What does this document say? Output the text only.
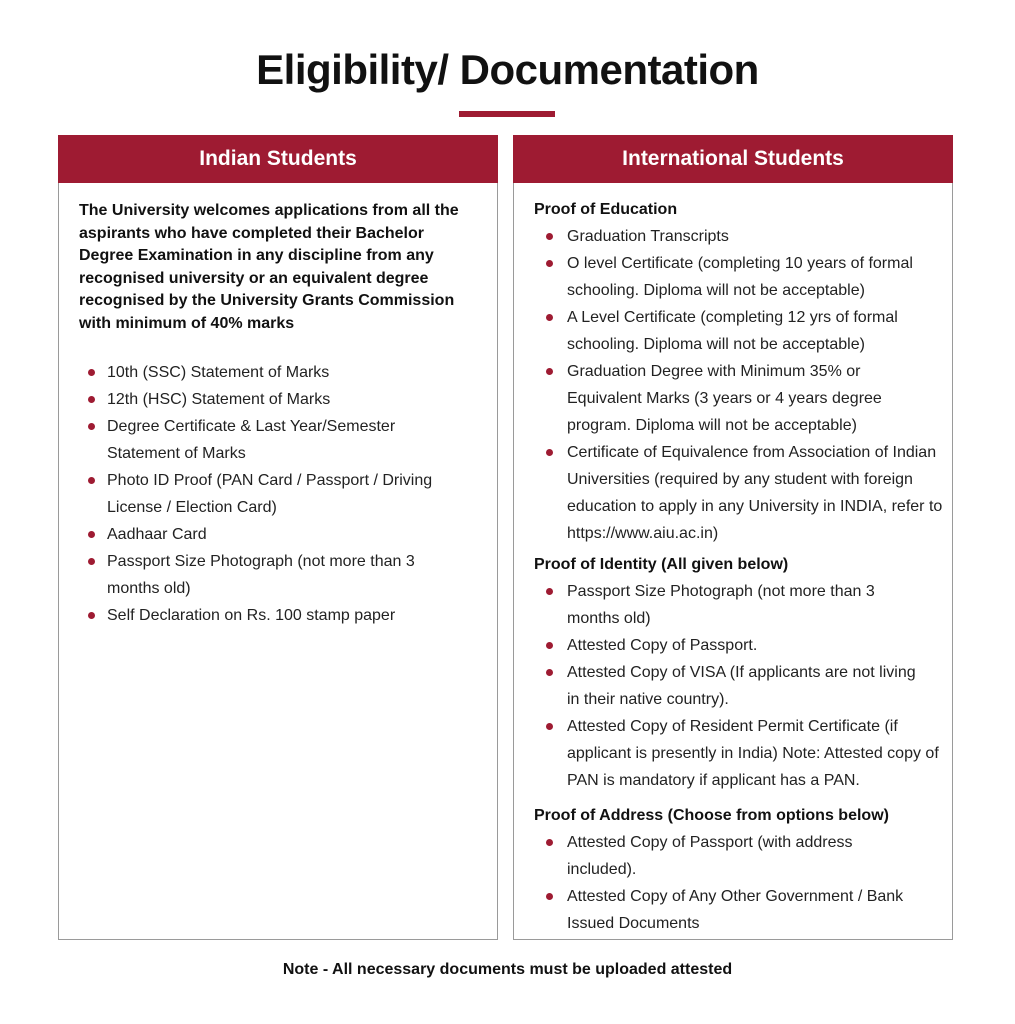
Eligibility/ Documentation
Indian Students

The University welcomes applications from all the aspirants who have completed their Bachelor Degree Examination in any discipline from any recognised university or an equivalent degree recognised by the University Grants Commission with minimum of 40% marks

10th (SSC) Statement of Marks
12th (HSC) Statement of Marks
Degree Certificate & Last Year/Semester Statement of Marks
Photo ID Proof (PAN Card / Passport / Driving License / Election Card)
Aadhaar Card
Passport Size Photograph (not more than 3 months old)
Self Declaration on Rs. 100 stamp paper
International Students
Proof of Education
Graduation Transcripts
O level Certificate (completing 10 years of formal schooling. Diploma will not be acceptable)
A Level Certificate (completing 12 yrs of formal schooling. Diploma will not be acceptable)
Graduation Degree with Minimum 35% or Equivalent Marks (3 years or 4 years degree program. Diploma will not be acceptable)
Certificate of Equivalence from Association of Indian Universities (required by any student with foreign education to apply in any University in INDIA, refer to https://www.aiu.ac.in)
Proof of Identity (All given below)
Passport Size Photograph (not more than 3 months old)
Attested Copy of Passport.
Attested Copy of VISA (If applicants are not living in their native country).
Attested Copy of Resident Permit Certificate (if applicant is presently in India) Note: Attested copy of PAN is mandatory if applicant has a PAN.
Proof of Address (Choose from options below)
Attested Copy of Passport (with address included).
Attested Copy of Any Other Government / Bank Issued Documents
Note - All necessary documents must be uploaded attested
